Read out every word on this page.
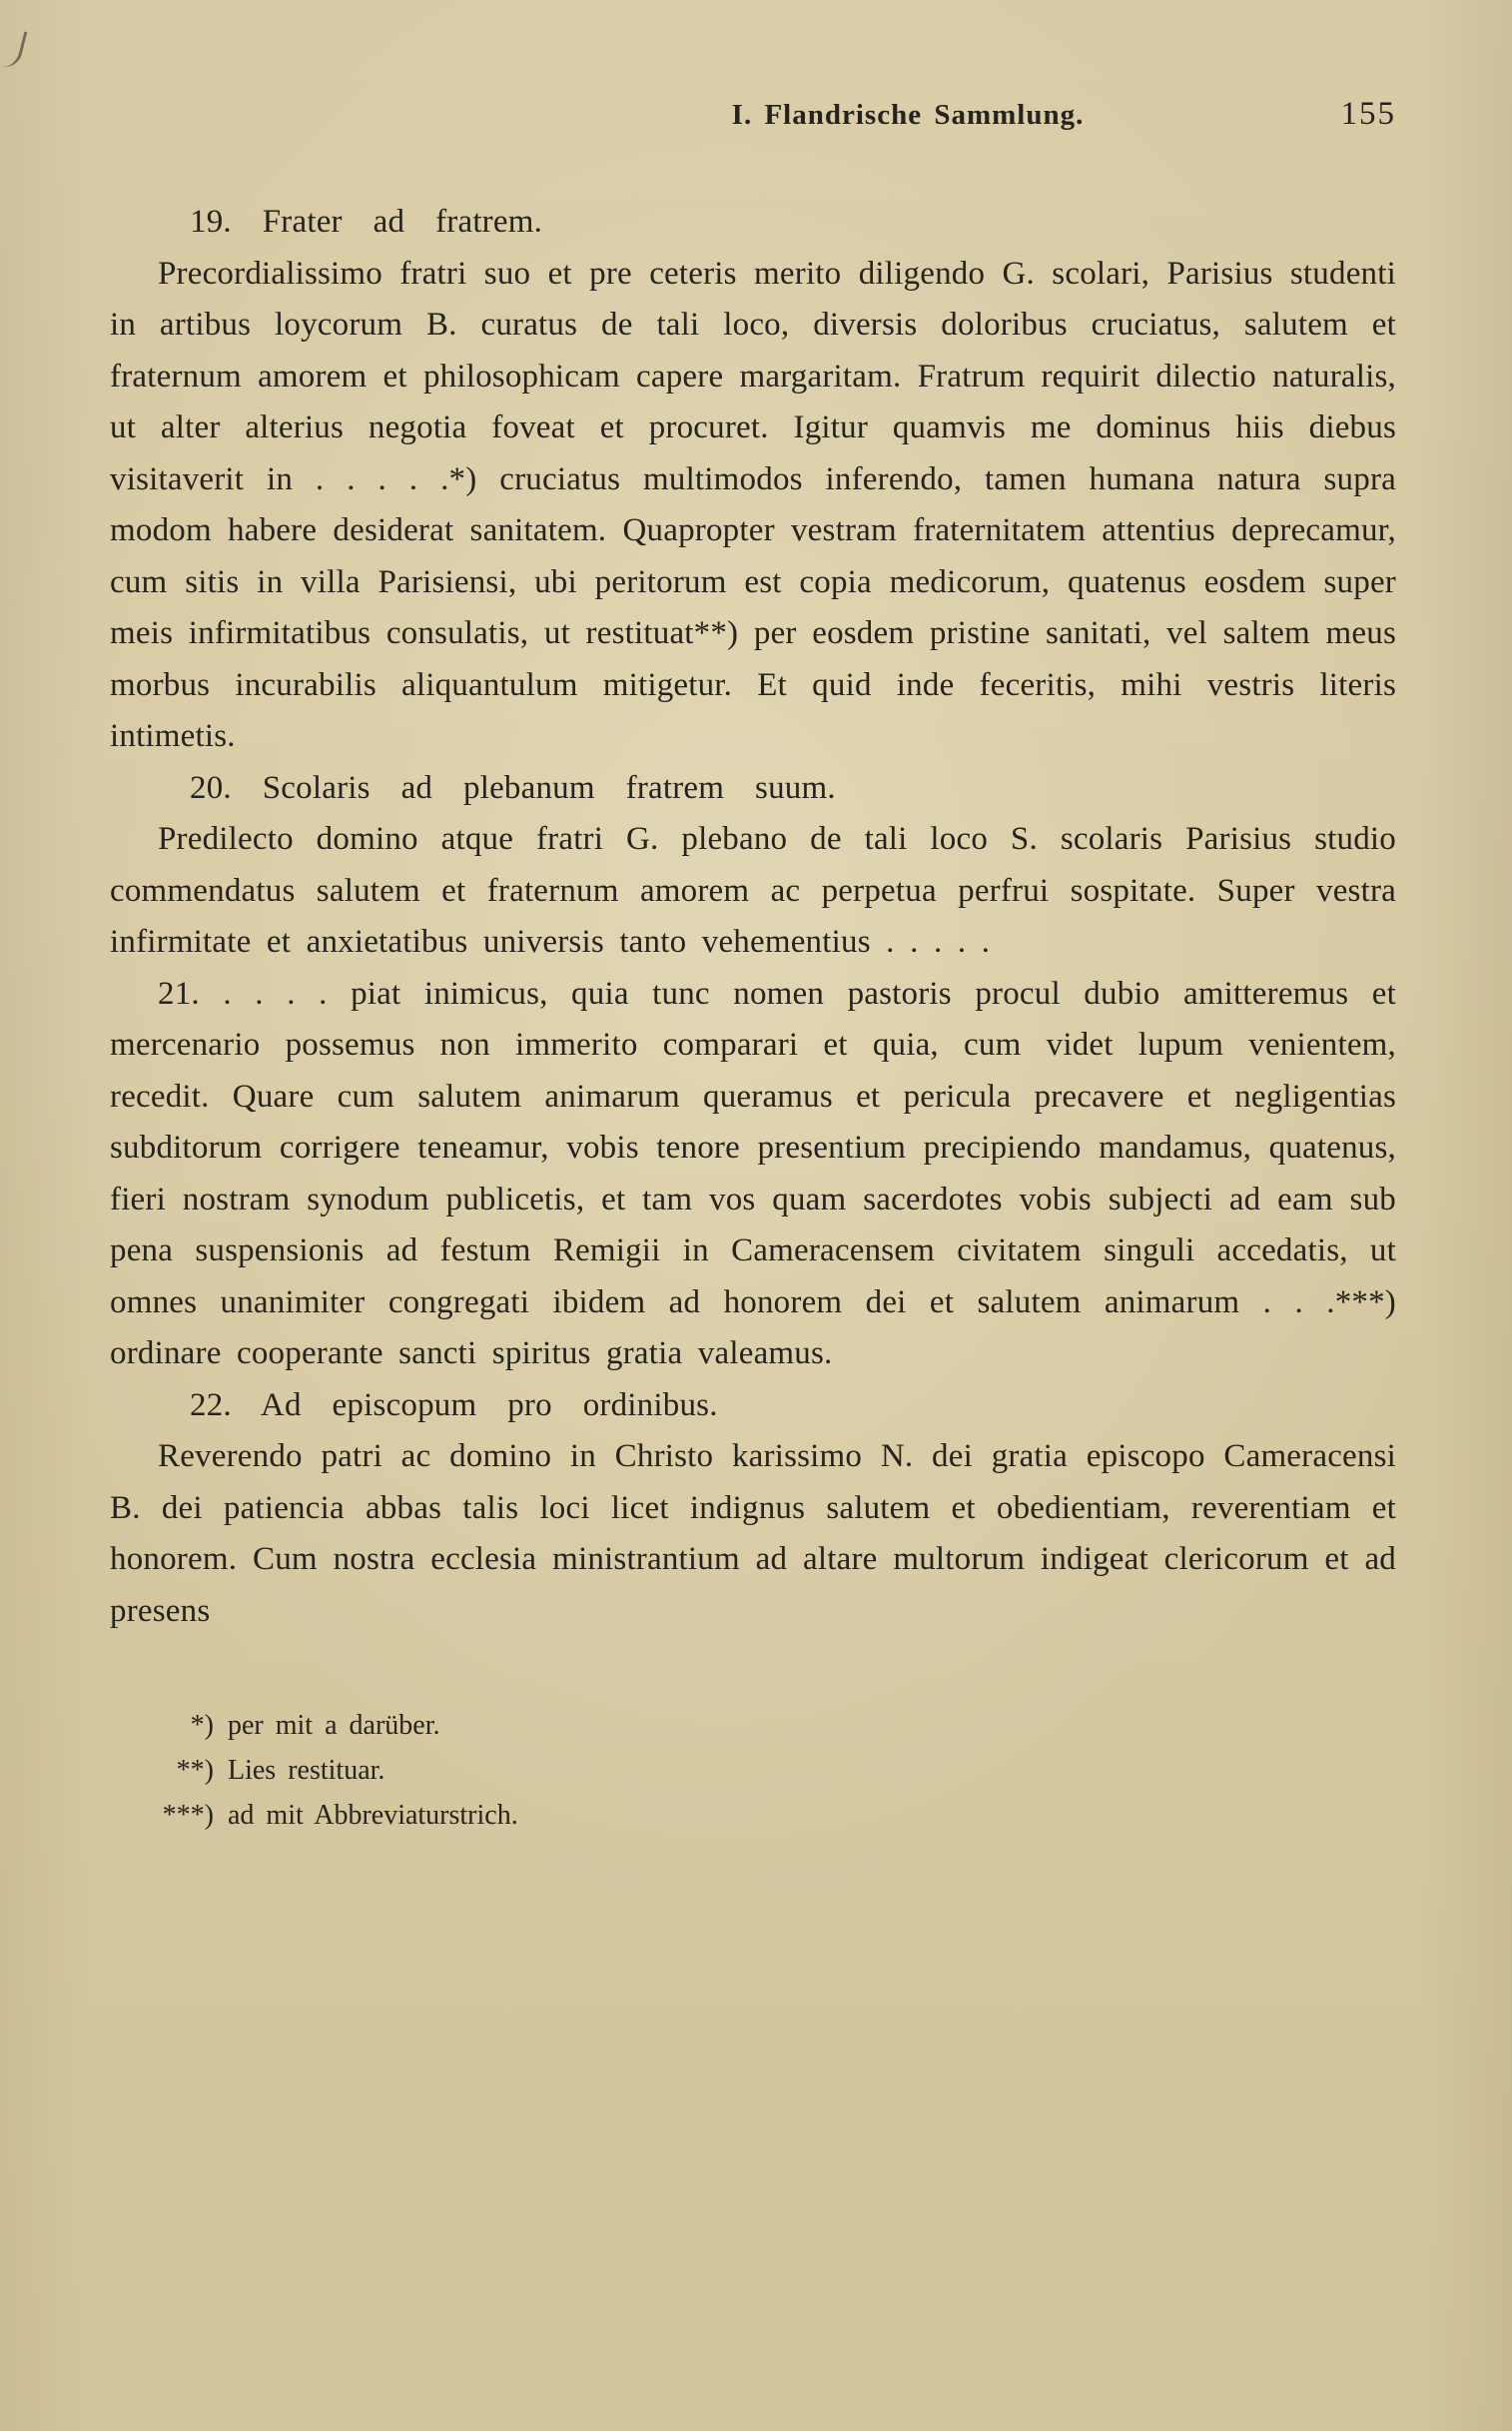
I. Flandrische Sammlung.	155
19.  Frater  ad  fratrem.
Precordialissimo fratri suo et pre ceteris merito diligendo G. scolari, Parisius studenti in artibus loycorum B. curatus de tali loco, diversis doloribus cruciatus, salutem et fraternum amorem et philosophicam capere margaritam. Fratrum requirit dilectio naturalis, ut alter alterius negotia foveat et procuret. Igitur quamvis me dominus hiis diebus visitaverit in . . . . .*) cruciatus multimodos inferendo, tamen humana natura supra modom habere desiderat sanitatem. Quapropter vestram fraternitatem attentius deprecamur, cum sitis in villa Parisiensi, ubi peritorum est copia medicorum, quatenus eosdem super meis infirmitatibus consulatis, ut restituat**) per eosdem pristine sanitati, vel saltem meus morbus incurabilis aliquantulum mitigetur. Et quid inde feceritis, mihi vestris literis intimetis.
20.  Scolaris  ad  plebanum  fratrem  suum.
Predilecto domino atque fratri G. plebano de tali loco S. scolaris Parisius studio commendatus salutem et fraternum amorem ac perpetua perfrui sospitate. Super vestra infirmitate et anxietatibus universis tanto vehementius . . . . .
21. . . . . piat inimicus, quia tunc nomen pastoris procul dubio amitteremus et mercenario possemus non immerito comparari et quia, cum videt lupum venientem, recedit. Quare cum salutem animarum queramus et pericula precavere et negligentias subditorum corrigere teneamur, vobis tenore presentium precipiendo mandamus, quatenus, fieri nostram synodum publicetis, et tam vos quam sacerdotes vobis subjecti ad eam sub pena suspensionis ad festum Remigii in Cameracensem civitatem singuli accedatis, ut omnes unanimiter congregati ibidem ad honorem dei et salutem animarum . . .***) ordinare cooperante sancti spiritus gratia valeamus.
22.  Ad  episcopum  pro  ordinibus.
Reverendo patri ac domino in Christo karissimo N. dei gratia episcopo Cameracensi B. dei patiencia abbas talis loci licet indignus salutem et obedientiam, reverentiam et honorem. Cum nostra ecclesia ministrantium ad altare multorum indigeat clericorum et ad presens
*) per mit a darüber.
**) Lies restituar.
***) ad mit Abbreviaturstrich.
